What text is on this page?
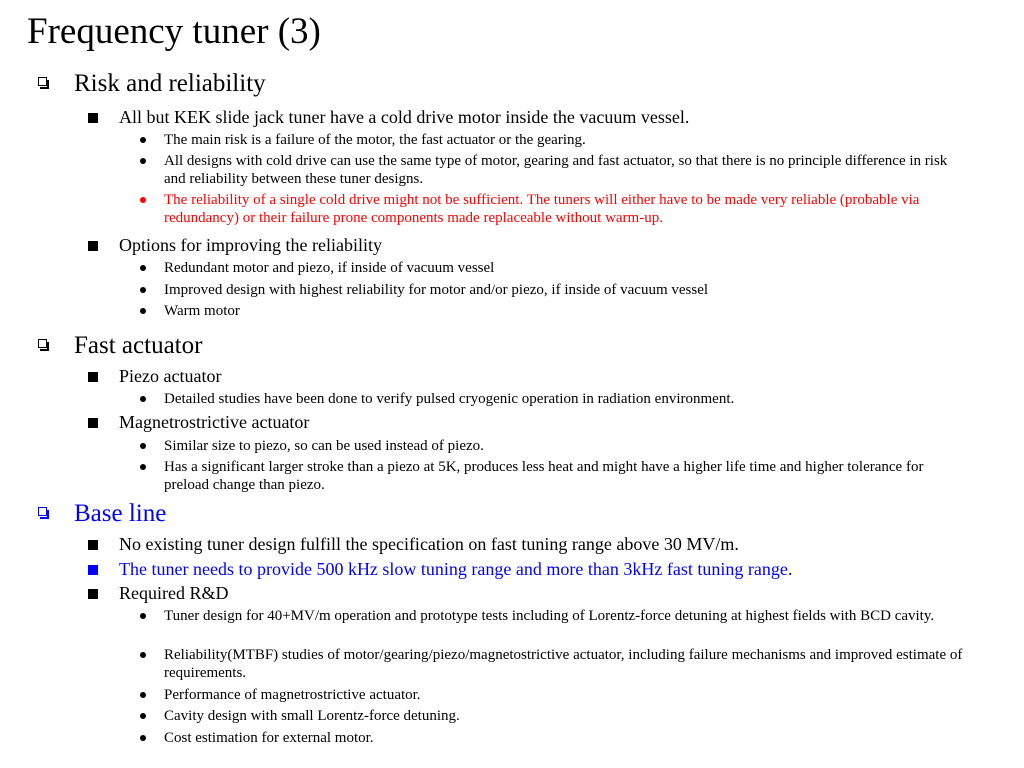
Frequency tuner (3)
Risk and reliability
All but KEK slide jack tuner have a cold drive motor inside the vacuum vessel.
The main risk is a failure of the motor, the fast actuator or the gearing.
All designs with cold drive can use the same type of motor, gearing and fast actuator, so that there is no principle difference in risk and reliability between these tuner designs.
The reliability of a single cold drive might not be sufficient. The tuners will either have to be made very reliable (probable via redundancy) or their failure prone components made replaceable without warm-up.
Options for improving the reliability
Redundant motor and piezo, if inside of vacuum vessel
Improved design with highest reliability for motor and/or piezo, if inside of vacuum vessel
Warm motor
Fast actuator
Piezo actuator
Detailed studies have been done to verify pulsed cryogenic operation in radiation environment.
Magnetrostrictive actuator
Similar size to piezo, so can be used instead of piezo.
Has a significant larger stroke than a piezo at 5K, produces less heat and might have a higher life time and higher tolerance for preload change than piezo.
Base line
No existing tuner design fulfill the specification on fast tuning range above 30 MV/m.
The tuner needs to provide 500 kHz slow tuning range and more than 3kHz fast tuning range.
Required R&D
Tuner design for 40+MV/m operation and prototype tests including of Lorentz-force detuning at highest fields with BCD cavity.
Reliability(MTBF) studies of motor/gearing/piezo/magnetostrictive actuator, including failure mechanisms and improved estimate of requirements.
Performance of magnetrostrictive actuator.
Cavity design with small Lorentz-force detuning.
Cost estimation for external motor.
